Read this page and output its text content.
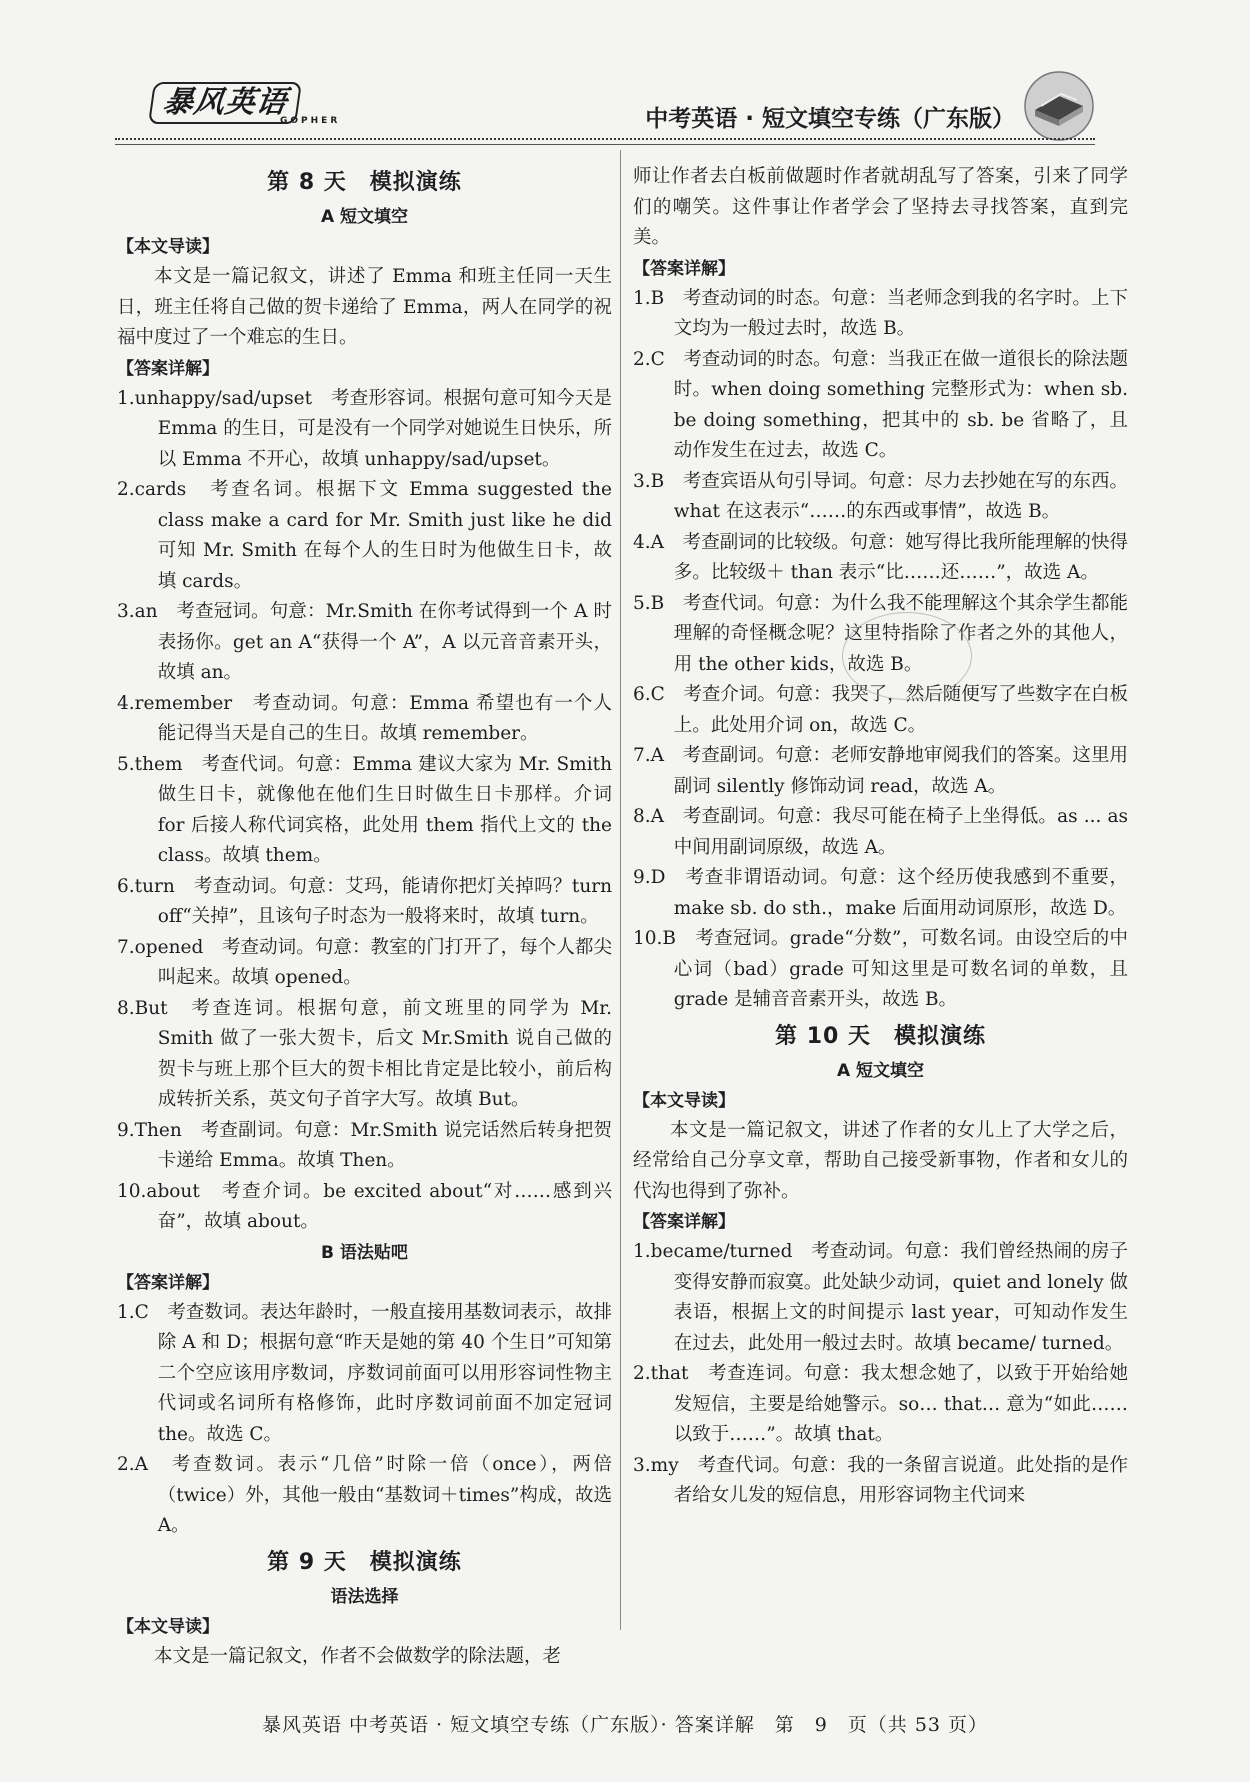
暴风英语
GOPHER	中考英语 · 短文填空专练（广东版）
第 8 天　模拟演练
A 短文填空
【本文导读】

本文是一篇记叙文，讲述了 Emma 和班主任同一天生日，班主任将自己做的贺卡递给了 Emma，两人在同学的祝福中度过了一个难忘的生日。

【答案详解】

1.unhappy/sad/upset　考查形容词。根据句意可知今天是 Emma 的生日，可是没有一个同学对她说生日快乐，所以 Emma 不开心，故填 unhappy/sad/upset。

2.cards　考查名词。根据下文 Emma suggested the class make a card for Mr. Smith just like he did 可知 Mr. Smith 在每个人的生日时为他做生日卡，故填 cards。

3.an　考查冠词。句意：Mr.Smith 在你考试得到一个 A 时表扬你。get an A“获得一个 A”，A 以元音音素开头，故填 an。

4.remember　考查动词。句意：Emma 希望也有一个人能记得当天是自己的生日。故填 remember。

5.them　考查代词。句意：Emma 建议大家为 Mr. Smith 做生日卡，就像他在他们生日时做生日卡那样。介词 for 后接人称代词宾格，此处用 them 指代上文的 the class。故填 them。

6.turn　考查动词。句意：艾玛，能请你把灯关掉吗？turn off“关掉”，且该句子时态为一般将来时，故填 turn。

7.opened　考查动词。句意：教室的门打开了，每个人都尖叫起来。故填 opened。

8.But　考查连词。根据句意，前文班里的同学为 Mr. Smith 做了一张大贺卡，后文 Mr.Smith 说自己做的贺卡与班上那个巨大的贺卡相比肯定是比较小，前后构成转折关系，英文句子首字大写。故填 But。

9.Then　考查副词。句意：Mr.Smith 说完话然后转身把贺卡递给 Emma。故填 Then。

10.about　考查介词。be excited about“对……感到兴奋”，故填 about。

B 语法贴吧
【答案详解】

1.C　考查数词。表达年龄时，一般直接用基数词表示，故排除 A 和 D；根据句意“昨天是她的第 40 个生日”可知第二个空应该用序数词，序数词前面可以用形容词性物主代词或名词所有格修饰，此时序数词前面不加定冠词 the。故选 C。

2.A　考查数词。表示“几倍”时除一倍（once），两倍（twice）外，其他一般由“基数词＋times”构成，故选 A。

第 9 天　模拟演练
语法选择
【本文导读】

本文是一篇记叙文，作者不会做数学的除法题，老

师让作者去白板前做题时作者就胡乱写了答案，引来了同学们的嘲笑。这件事让作者学会了坚持去寻找答案，直到完美。

【答案详解】

1.B　考查动词的时态。句意：当老师念到我的名字时。上下文均为一般过去时，故选 B。

2.C　考查动词的时态。句意：当我正在做一道很长的除法题时。when doing something 完整形式为：when sb. be doing something，把其中的 sb. be 省略了，且动作发生在过去，故选 C。

3.B　考查宾语从句引导词。句意：尽力去抄她在写的东西。what 在这表示“……的东西或事情”，故选 B。

4.A　考查副词的比较级。句意：她写得比我所能理解的快得多。比较级＋ than 表示“比……还……”，故选 A。

5.B　考查代词。句意：为什么我不能理解这个其余学生都能理解的奇怪概念呢？这里特指除了作者之外的其他人，用 the other kids，故选 B。

6.C　考查介词。句意：我哭了，然后随便写了些数字在白板上。此处用介词 on，故选 C。

7.A　考查副词。句意：老师安静地审阅我们的答案。这里用副词 silently 修饰动词 read，故选 A。

8.A　考查副词。句意：我尽可能在椅子上坐得低。as ... as 中间用副词原级，故选 A。

9.D　考查非谓语动词。句意：这个经历使我感到不重要，make sb. do sth.，make 后面用动词原形，故选 D。

10.B　考查冠词。grade“分数”，可数名词。由设空后的中心词（bad）grade 可知这里是可数名词的单数，且 grade 是辅音音素开头，故选 B。

第 10 天　模拟演练
A 短文填空
【本文导读】

本文是一篇记叙文，讲述了作者的女儿上了大学之后，经常给自己分享文章，帮助自己接受新事物，作者和女儿的代沟也得到了弥补。

【答案详解】

1.became/turned　考查动词。句意：我们曾经热闹的房子变得安静而寂寞。此处缺少动词，quiet and lonely 做表语，根据上文的时间提示 last year，可知动作发生在过去，此处用一般过去时。故填 became/ turned。

2.that　考查连词。句意：我太想念她了，以致于开始给她发短信，主要是给她警示。so… that… 意为“如此……以致于……”。故填 that。

3.my　考查代词。句意：我的一条留言说道。此处指的是作者给女儿发的短信息，用形容词物主代词来

暴风英语 中考英语 · 短文填空专练（广东版）· 答案详解　第　9　页（共 53 页）
